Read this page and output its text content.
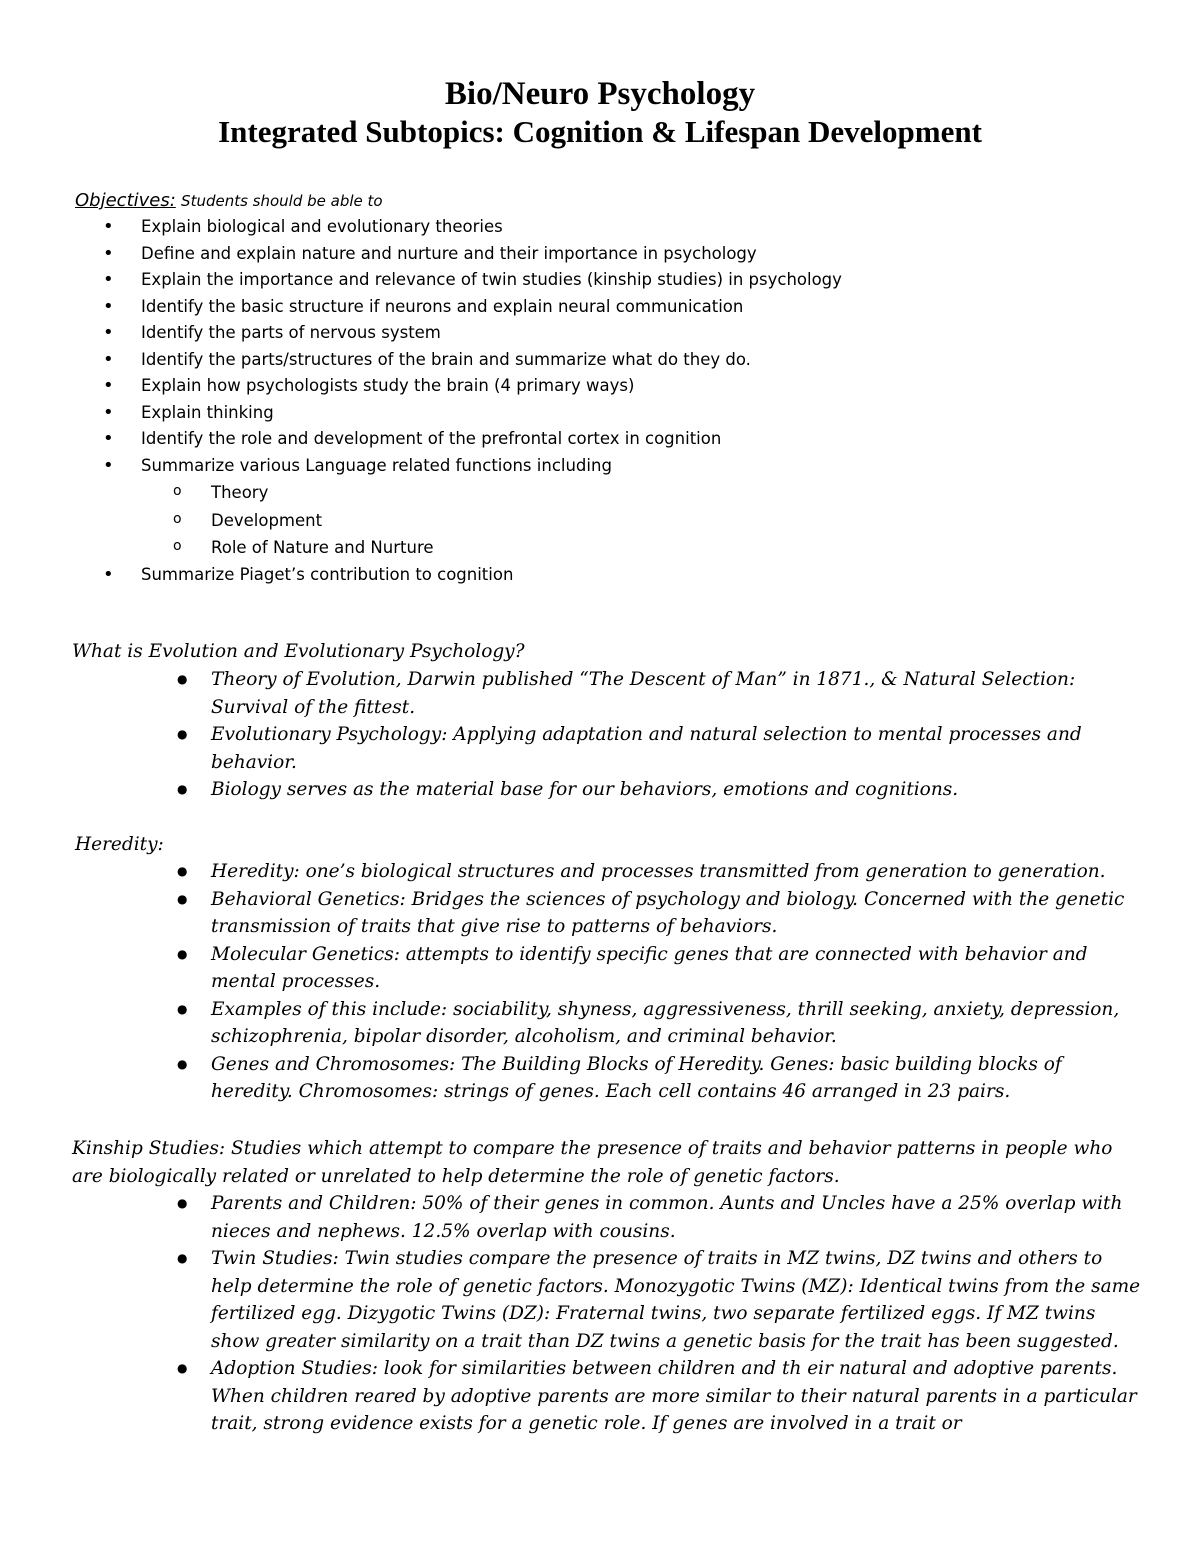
Bio/Neuro Psychology
Integrated Subtopics: Cognition & Lifespan Development
Objectives: Students should be able to
• Explain biological and evolutionary theories
• Define and explain nature and nurture and their importance in psychology
• Explain the importance and relevance of twin studies (kinship studies) in psychology
• Identify the basic structure if neurons and explain neural communication
• Identify the parts of nervous system
• Identify the parts/structures of the brain and summarize what do they do.
• Explain how psychologists study the brain (4 primary ways)
• Explain thinking
• Identify the role and development of the prefrontal cortex in cognition
• Summarize various Language related functions including
o Theory
o Development
o Role of Nature and Nurture
• Summarize Piaget’s contribution to cognition
What is Evolution and Evolutionary Psychology?
● Theory of Evolution, Darwin published “The Descent of Man” in 1871., & Natural Selection: Survival of the fittest.
● Evolutionary Psychology: Applying adaptation and natural selection to mental processes and behavior.
● Biology serves as the material base for our behaviors, emotions and cognitions.
Heredity:
● Heredity: one’s biological structures and processes transmitted from generation to generation.
● Behavioral Genetics: Bridges the sciences of psychology and biology. Concerned with the genetic transmission of traits that give rise to patterns of behaviors.
● Molecular Genetics: attempts to identify specific genes that are connected with behavior and mental processes.
● Examples of this include: sociability, shyness, aggressiveness, thrill seeking, anxiety, depression, schizophrenia, bipolar disorder, alcoholism, and criminal behavior.
● Genes and Chromosomes: The Building Blocks of Heredity. Genes: basic building blocks of heredity. Chromosomes: strings of genes. Each cell contains 46 arranged in 23 pairs.
Kinship Studies: Studies which attempt to compare the presence of traits and behavior patterns in people who are biologically related or unrelated to help determine the role of genetic factors.
● Parents and Children: 50% of their genes in common. Aunts and Uncles have a 25% overlap with nieces and nephews. 12.5% overlap with cousins.
● Twin Studies: Twin studies compare the presence of traits in MZ twins, DZ twins and others to help determine the role of genetic factors. Monozygotic Twins (MZ): Identical twins from the same fertilized egg. Dizygotic Twins (DZ): Fraternal twins, two separate fertilized eggs. If MZ twins show greater similarity on a trait than DZ twins a genetic basis for the trait has been suggested.
● Adoption Studies: look for similarities between children and th eir natural and adoptive parents. When children reared by adoptive parents are more similar to their natural parents in a particular trait, strong evidence exists for a genetic role. If genes are involved in a trait or
